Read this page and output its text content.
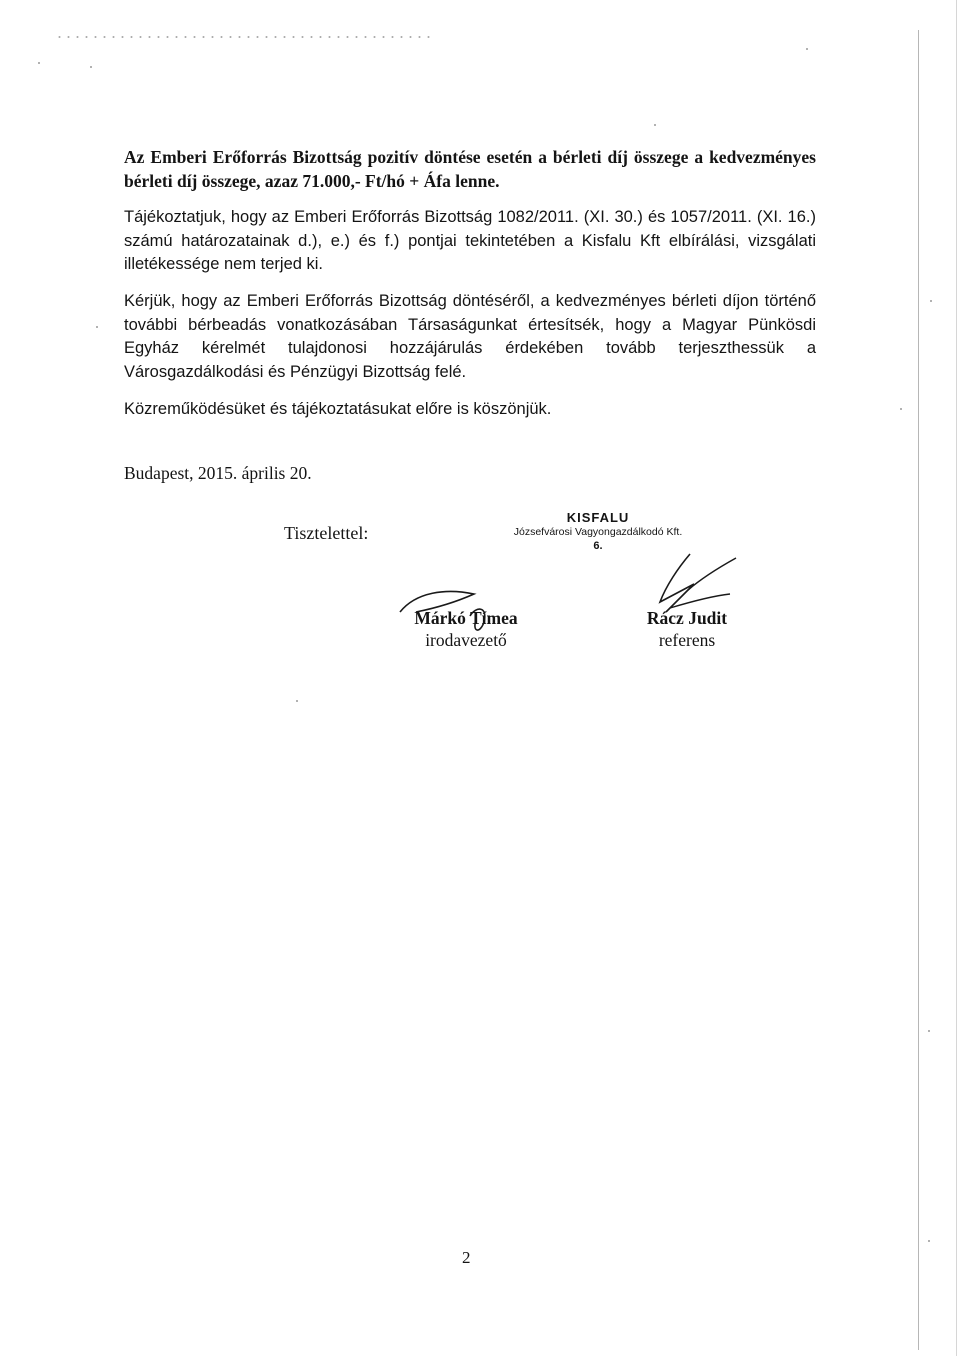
Az Emberi Erőforrás Bizottság pozitív döntése esetén a bérleti díj összege a kedvezményes bérleti díj összege, azaz 71.000,- Ft/hó + Áfa lenne.

Tájékoztatjuk, hogy az Emberi Erőforrás Bizottság 1082/2011. (XI. 30.) és 1057/2011. (XI. 16.) számú határozatainak d.), e.) és f.) pontjai tekintetében a Kisfalu Kft elbírálási, vizsgálati illetékessége nem terjed ki.

Kérjük, hogy az Emberi Erőforrás Bizottság döntéséről, a kedvezményes bérleti díjon történő további bérbeadás vonatkozásában Társaságunkat értesítsék, hogy a Magyar Pünkösdi Egyház kérelmét tulajdonosi hozzájárulás érdekében tovább terjeszthessük a Városgazdálkodási és Pénzügyi Bizottság felé.

Közreműködésüket és tájékoztatásukat előre is köszönjük.

Budapest, 2015. április 20.
Tisztelettel:
KISFALU
Józsefvárosi Vagyongazdálkodó Kft.
6.
Márkó Tímea
irodavezető
Rácz Judit
referens
2
